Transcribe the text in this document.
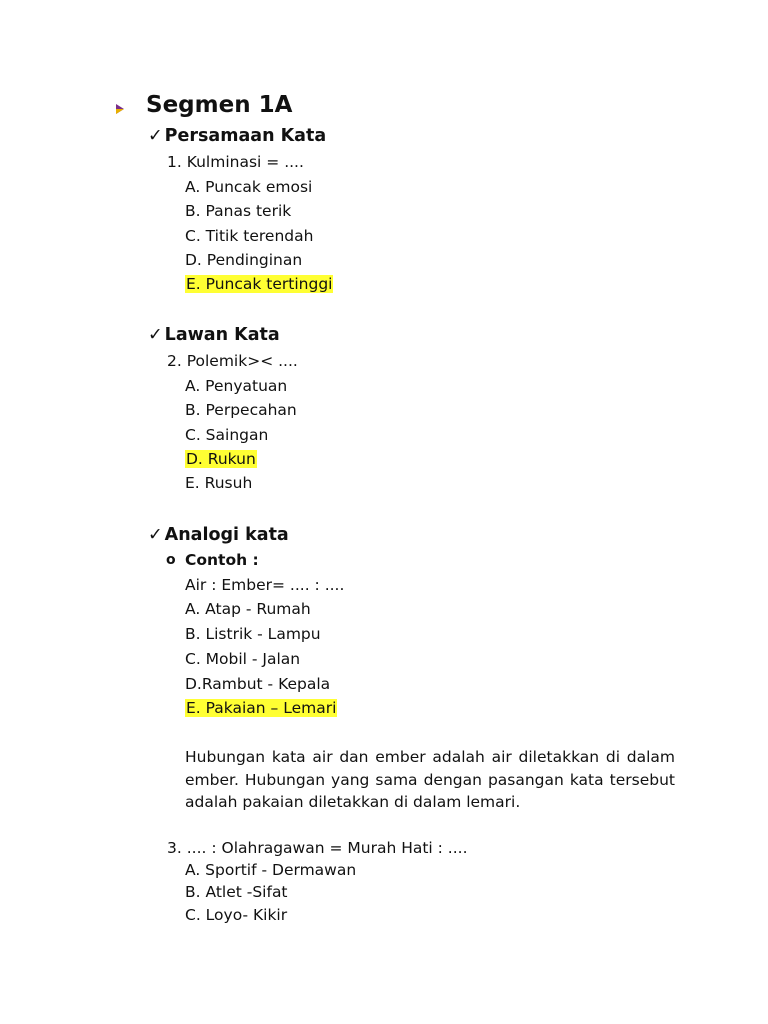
Segmen 1A
✓ Persamaan Kata
1. Kulminasi = ....
A. Puncak emosi
B. Panas terik
C. Titik terendah
D. Pendinginan
E. Puncak tertinggi
✓ Lawan Kata
2. Polemik>< ....
A. Penyatuan
B. Perpecahan
C. Saingan
D. Rukun
E. Rusuh
✓ Analogi kata
o Contoh :
Air : Ember= .... : ....
A. Atap - Rumah
B. Listrik - Lampu
C. Mobil - Jalan
D.Rambut - Kepala
E. Pakaian – Lemari
Hubungan kata air dan ember adalah air diletakkan di dalam ember. Hubungan yang sama dengan pasangan kata tersebut adalah pakaian diletakkan di dalam lemari.
3. .... : Olahragawan = Murah Hati : ....
A. Sportif - Dermawan
B. Atlet -Sifat
C. Loyo- Kikir
